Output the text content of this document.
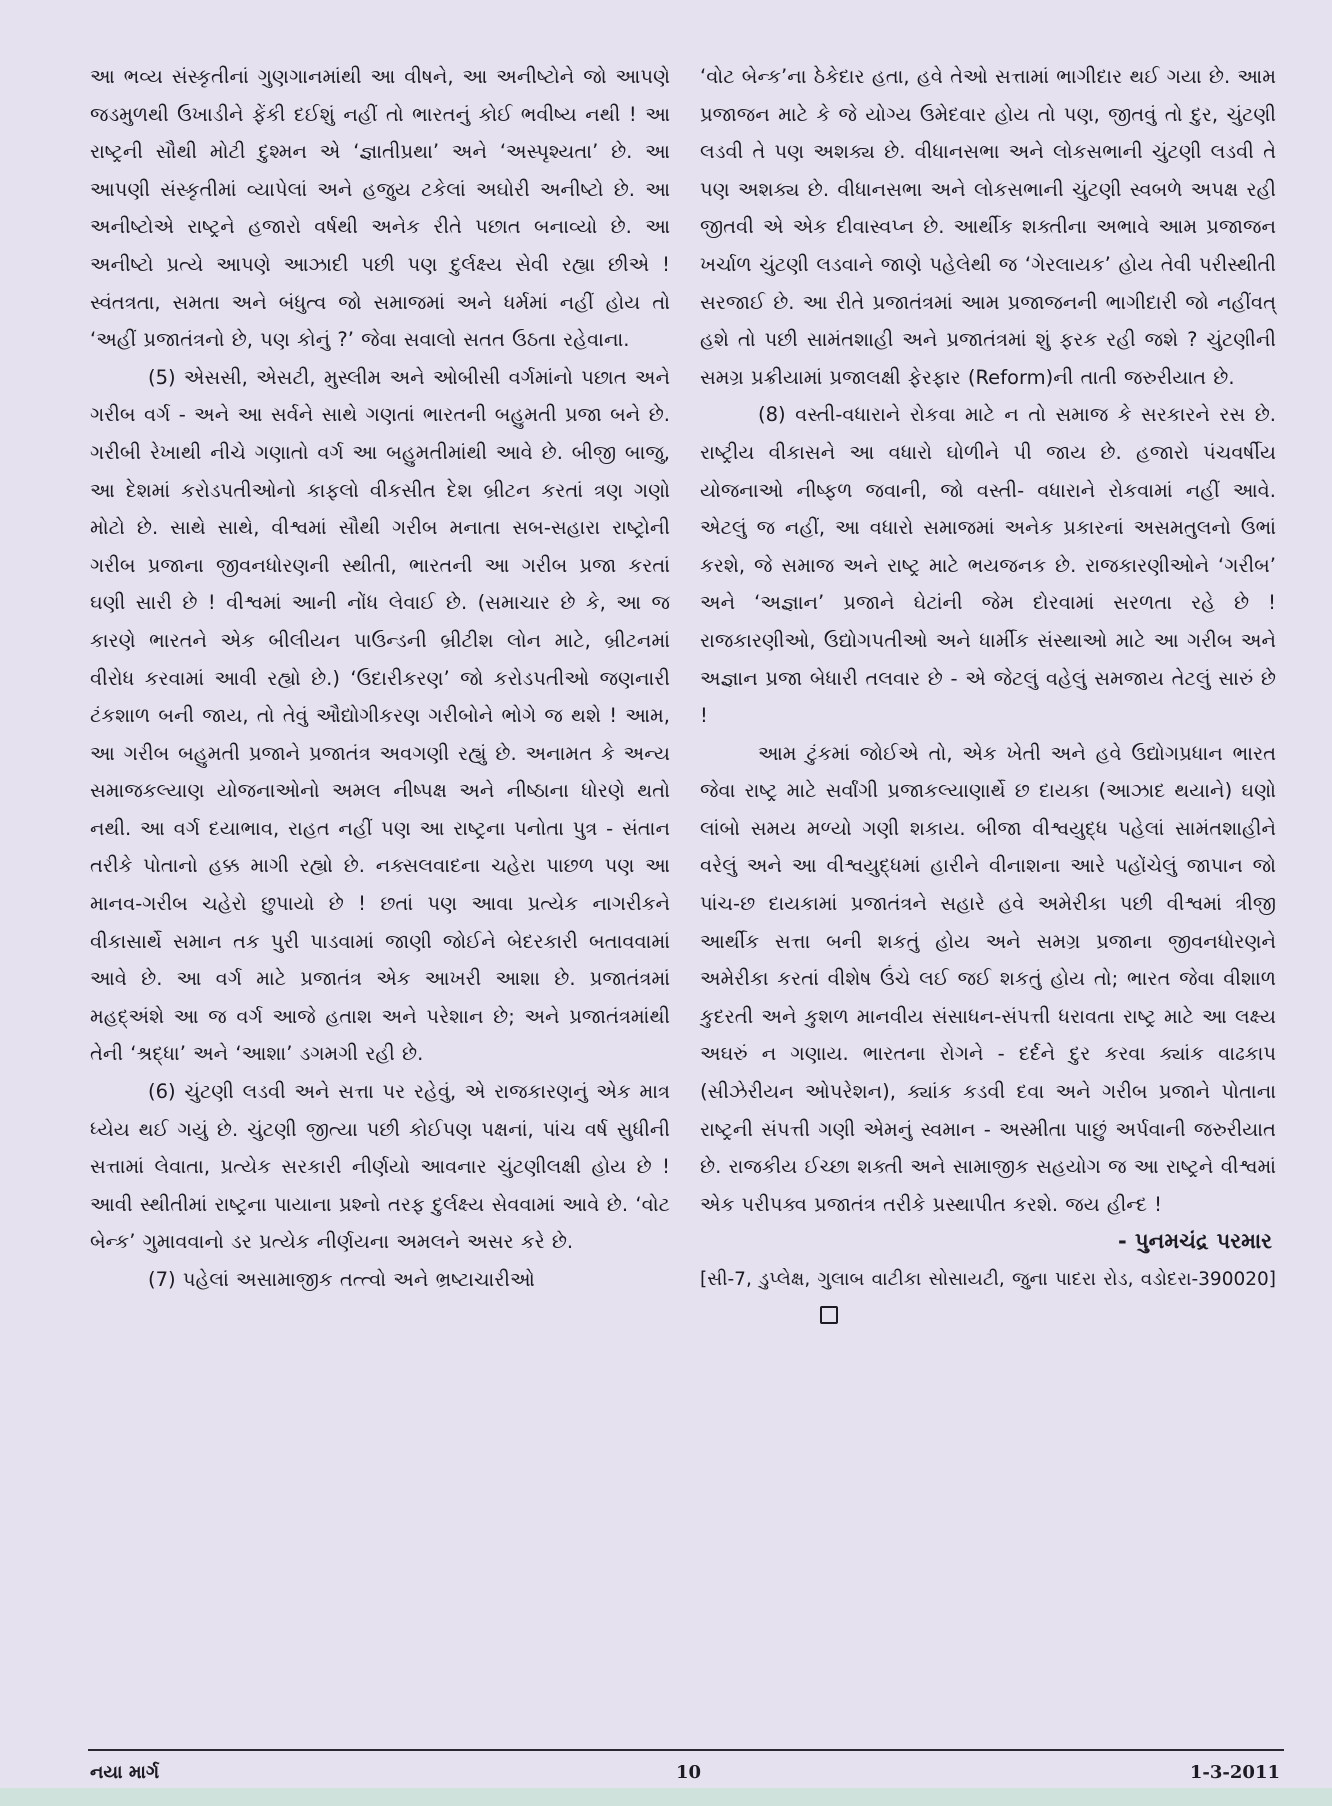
આ ભવ્ય સંસ્કૃતીનાં ગુણગાનમાંથી આ વીષને, આ અનીષ્ટોને જો આપણે જડમુળથી ઉખાડીને ફેંકી દઈશું નહીં તો ભારતનું કોઈ ભવીષ્ય નથી ! આ રાષ્ટ્રની સૌથી મોટી દુશ્મન એ ‘જ્ઞાતીપ્રથા’ અને ‘અસ્પૃશ્યતા’ છે. આ આપણી સંસ્કૃતીમાં વ્યાપેલાં અને હજુય ટકેલાં અઘોરી અનીષ્ટો છે. આ અનીષ્ટોએ રાષ્ટ્રને હજારો વર્ષથી અનેક રીતે પછાત બનાવ્યો છે. આ અનીષ્ટો પ્રત્યે આપણે આઝાદી પછી પણ દુર્લક્ષ્ય સેવી રહ્યા છીએ ! સ્વંતત્રતા, સમતા અને બંધુત્વ જો સમાજમાં અને ધર્મમાં નહીં હોય તો ‘અહીં પ્રજાતંત્રનો છે, પણ કોનું ?’ જેવા સવાલો સતત ઉઠતા રહેવાના.

(5) એસસી, એસટી, મુસ્લીમ અને ઓબીસી વર્ગમાંનો પછાત અને ગરીબ વર્ગ - અને આ સર્વને સાથે ગણતાં ભારતની બહુમતી પ્રજા બને છે. ગરીબી રેખાથી નીચે ગણાતો વર્ગ આ બહુમતીમાંથી આવે છે. બીજી બાજુ, આ દેશમાં કરોડપતીઓનો કાફલો વીકસીત દેશ બ્રીટન કરતાં ત્રણ ગણો મોટો છે. સાથે સાથે, વીશ્વમાં સૌથી ગરીબ મનાતા સબ-સહારા રાષ્ટ્રોની ગરીબ પ્રજાના જીવનધોરણની સ્થીતી, ભારતની આ ગરીબ પ્રજા કરતાં ઘણી સારી છે ! વીશ્વમાં આની નોંધ લેવાઈ છે. (સમાચાર છે કે, આ જ કારણે ભારતને એક બીલીયન પાઉન્ડની બ્રીટીશ લોન માટે, બ્રીટનમાં વીરોધ કરવામાં આવી રહ્યો છે.) ‘ઉદારીકરણ’ જો કરોડપતીઓ જણનારી ટંકશાળ બની જાય, તો તેવું ઔદ્યોગીકરણ ગરીબોને ભોગે જ થશે ! આમ, આ ગરીબ બહુમતી પ્રજાને પ્રજાતંત્ર અવગણી રહ્યું છે. અનામત કે અન્ય સમાજકલ્યાણ યોજનાઓનો અમલ નીષ્પક્ષ અને નીષ્ઠાના ધોરણે થતો નથી. આ વર્ગ દયાભાવ, રાહત નહીં પણ આ રાષ્ટ્રના પનોતા પુત્ર - સંતાન તરીકે પોતાનો હક્ક માગી રહ્યો છે. નક્સલવાદના ચહેરા પાછળ પણ આ માનવ-ગરીબ ચહેરો છુપાયો છે ! છતાં પણ આવા પ્રત્યેક નાગરીકને વીકાસાર્થે સમાન તક પુરી પાડવામાં જાણી જોઈને બેદરકારી બતાવવામાં આવે છે. આ વર્ગ માટે પ્રજાતંત્ર એક આખરી આશા છે. પ્રજાતંત્રમાં મહદ્અંશે આ જ વર્ગ આજે હતાશ અને પરેશાન છે; અને પ્રજાતંત્રમાંથી તેની ‘શ્રદ્ધા’ અને ‘આશા’ ડગમગી રહી છે.

(6) ચુંટણી લડવી અને સત્તા પર રહેવું, એ રાજકારણનું એક માત્ર ધ્યેય થઈ ગયું છે. ચુંટણી જીત્યા પછી કોઈપણ પક્ષનાં, પાંચ વર્ષ સુધીની સત્તામાં લેવાતા, પ્રત્યેક સરકારી નીર્ણયો આવનાર ચુંટણીલક્ષી હોય છે ! આવી સ્થીતીમાં રાષ્ટ્રના પાયાના પ્રશ્નો તરફ દુર્લક્ષ્ય સેવવામાં આવે છે. ‘વોટ બેન્ક’ ગુમાવવાનો ડર પ્રત્યેક નીર્ણયના અમલને અસર કરે છે.

(7) પહેલાં અસામાજીક તત્ત્વો અને ભ્રષ્ટાચારીઓ

‘વોટ બેન્ક’ના ઠેકેદાર હતા, હવે તેઓ સત્તામાં ભાગીદાર થઈ ગયા છે. આમ પ્રજાજન માટે કે જે યોગ્ય ઉમેદવાર હોય તો પણ, જીતવું તો દુર, ચુંટણી લડવી તે પણ અશક્ય છે. વીધાનસભા અને લોકસભાની ચુંટણી લડવી તે પણ અશક્ય છે. વીધાનસભા અને લોકસભાની ચુંટણી સ્વબળે અપક્ષ રહી જીતવી એ એક દીવાસ્વપ્ન છે. આર્થીક શક્તીના અભાવે આમ પ્રજાજન ખર્ચાળ ચુંટણી લડવાને જાણે પહેલેથી જ ‘ગેરલાયક’ હોય તેવી પરીસ્થીતી સરજાઈ છે. આ રીતે પ્રજાતંત્રમાં આમ પ્રજાજનની ભાગીદારી જો નહીંવત્ હશે તો પછી સામંતશાહી અને પ્રજાતંત્રમાં શું ફરક રહી જશે ? ચુંટણીની સમગ્ર પ્રક્રીયામાં પ્રજાલક્ષી ફેરફાર (Reform)ની તાતી જરુરીયાત છે.

(8) વસ્તી-વધારાને રોકવા માટે ન તો સમાજ કે સરકારને રસ છે. રાષ્ટ્રીય વીકાસને આ વધારો ઘોળીને પી જાય છે. હજારો પંચવર્ષીય યોજનાઓ નીષ્ફળ જવાની, જો વસ્તી- વધારાને રોકવામાં નહીં આવે. એટલું જ નહીં, આ વધારો સમાજમાં અનેક પ્રકારનાં અસમતુલનો ઉભાં કરશે, જે સમાજ અને રાષ્ટ્ર માટે ભયજનક છે. રાજકારણીઓને ‘ગરીબ’ અને ‘અજ્ઞાન’ પ્રજાને ઘેટાંની જેમ દોરવામાં સરળતા રહે છે ! રાજકારણીઓ, ઉદ્યોગપતીઓ અને ધાર્મીક સંસ્થાઓ માટે આ ગરીબ અને અજ્ઞાન પ્રજા બેધારી તલવાર છે - એ જેટલું વહેલું સમજાય તેટલું સારું છે !

આમ ટુંકમાં જોઈએ તો, એક ખેતી અને હવે ઉદ્યોગપ્રધાન ભારત જેવા રાષ્ટ્ર માટે સર્વાંગી પ્રજાકલ્યાણાર્થે છ દાયકા (આઝાદ થયાને) ઘણો લાંબો સમય મળ્યો ગણી શકાય. બીજા વીશ્વયુદ્ધ પહેલાં સામંતશાહીને વરેલું અને આ વીશ્વયુદ્ધમાં હારીને વીનાશના આરે પહોંચેલું જાપાન જો પાંચ-છ દાયકામાં પ્રજાતંત્રને સહારે હવે અમેરીકા પછી વીશ્વમાં ત્રીજી આર્થીક સત્તા બની શકતું હોય અને સમગ્ર પ્રજાના જીવનધોરણને અમેરીકા કરતાં વીશેષ ઉંચે લઈ જઈ શકતું હોય તો; ભારત જેવા વીશાળ કુદરતી અને કુશળ માનવીય સંસાધન-સંપત્તી ધરાવતા રાષ્ટ્ર માટે આ લક્ષ્ય અઘરું ન ગણાય. ભારતના રોગને - દર્દને દુર કરવા ક્યાંક વાઢકાપ (સીઝેરીયન ઓપરેશન), ક્યાંક કડવી દવા અને ગરીબ પ્રજાને પોતાના રાષ્ટ્રની સંપત્તી ગણી એમનું સ્વમાન - અસ્મીતા પાછું અર્પવાની જરુરીયાત છે. રાજકીય ઈચ્છા શક્તી અને સામાજીક સહયોગ જ આ રાષ્ટ્રને વીશ્વમાં એક પરીપક્વ પ્રજાતંત્ર તરીકે પ્રસ્થાપીત કરશે. જય હીન્દ !

- પુનમચંદ્ર પરમાર

[સી-7, ડુપ્લેક્ષ, ગુલાબ વાટીકા સોસાયટી, જુના પાદરા રોડ, વડોદરા-390020]

નયા માર્ગ	10	1-3-2011
